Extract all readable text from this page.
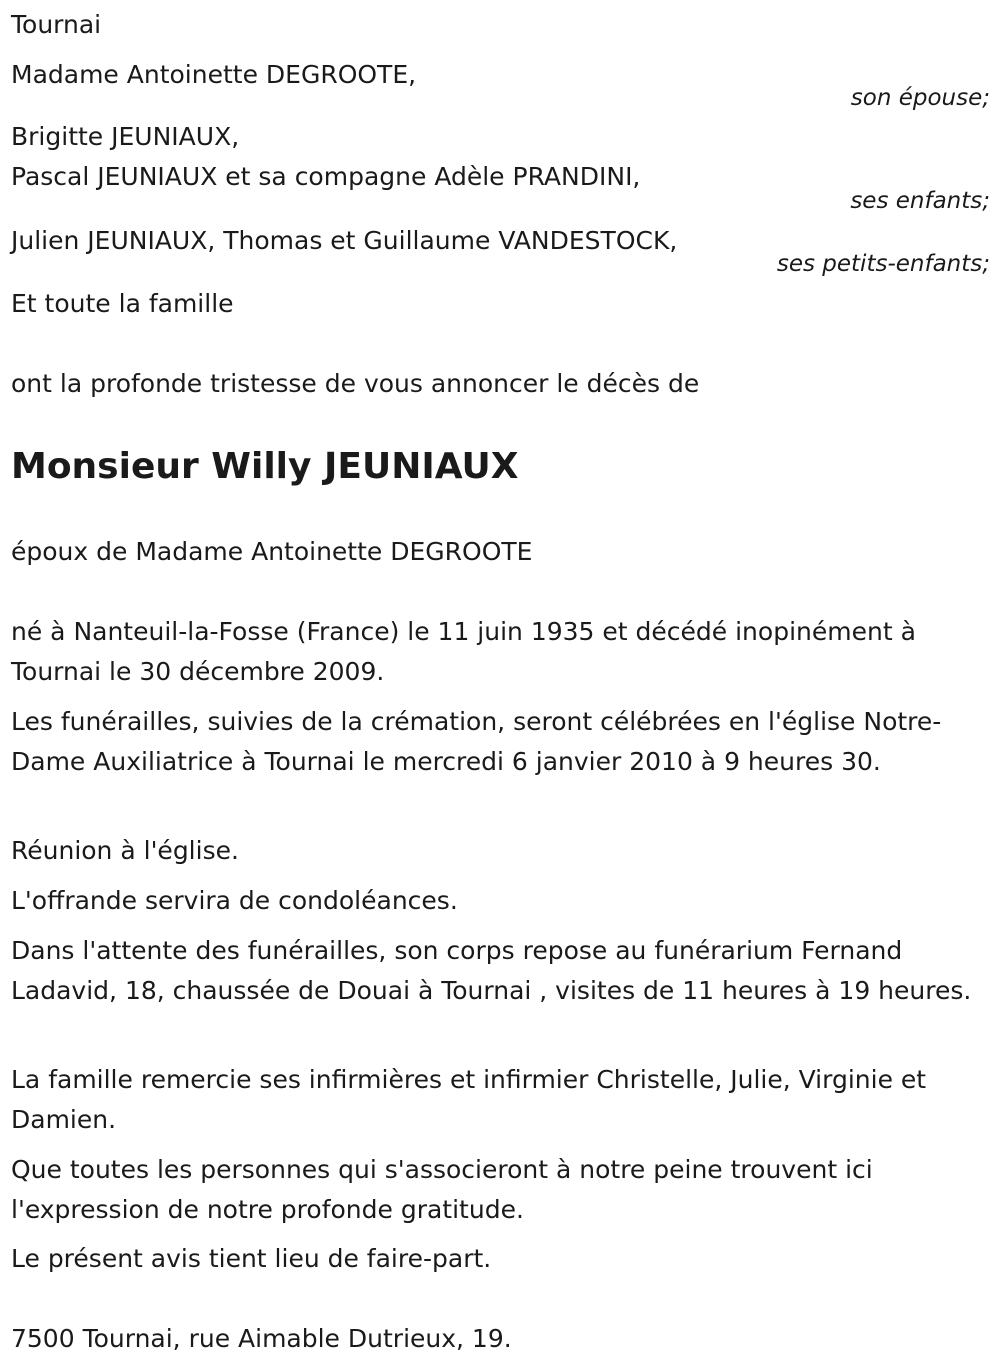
Tournai
Madame Antoinette DEGROOTE,
son épouse;
Brigitte JEUNIAUX,
Pascal JEUNIAUX et sa compagne Adèle PRANDINI,
ses enfants;
Julien JEUNIAUX, Thomas et Guillaume VANDESTOCK,
ses petits-enfants;
Et toute la famille
ont la profonde tristesse de vous annoncer le décès de
Monsieur Willy JEUNIAUX
époux de Madame Antoinette DEGROOTE
né à Nanteuil-la-Fosse (France) le 11 juin 1935 et décédé inopinément à Tournai le 30 décembre 2009.
Les funérailles, suivies de la crémation, seront célébrées en l'église Notre-Dame Auxiliatrice à Tournai le mercredi 6 janvier 2010 à 9 heures 30.
Réunion à l'église.
L'offrande servira de condoléances.
Dans l'attente des funérailles, son corps repose au funérarium Fernand Ladavid, 18, chaussée de Douai à Tournai , visites de 11 heures à 19 heures.
La famille remercie ses infirmières et infirmier Christelle, Julie, Virginie et Damien.
Que toutes les personnes qui s'associeront à notre peine trouvent ici l'expression de notre profonde gratitude.
Le présent avis tient lieu de faire-part.
7500 Tournai, rue Aimable Dutrieux, 19.
